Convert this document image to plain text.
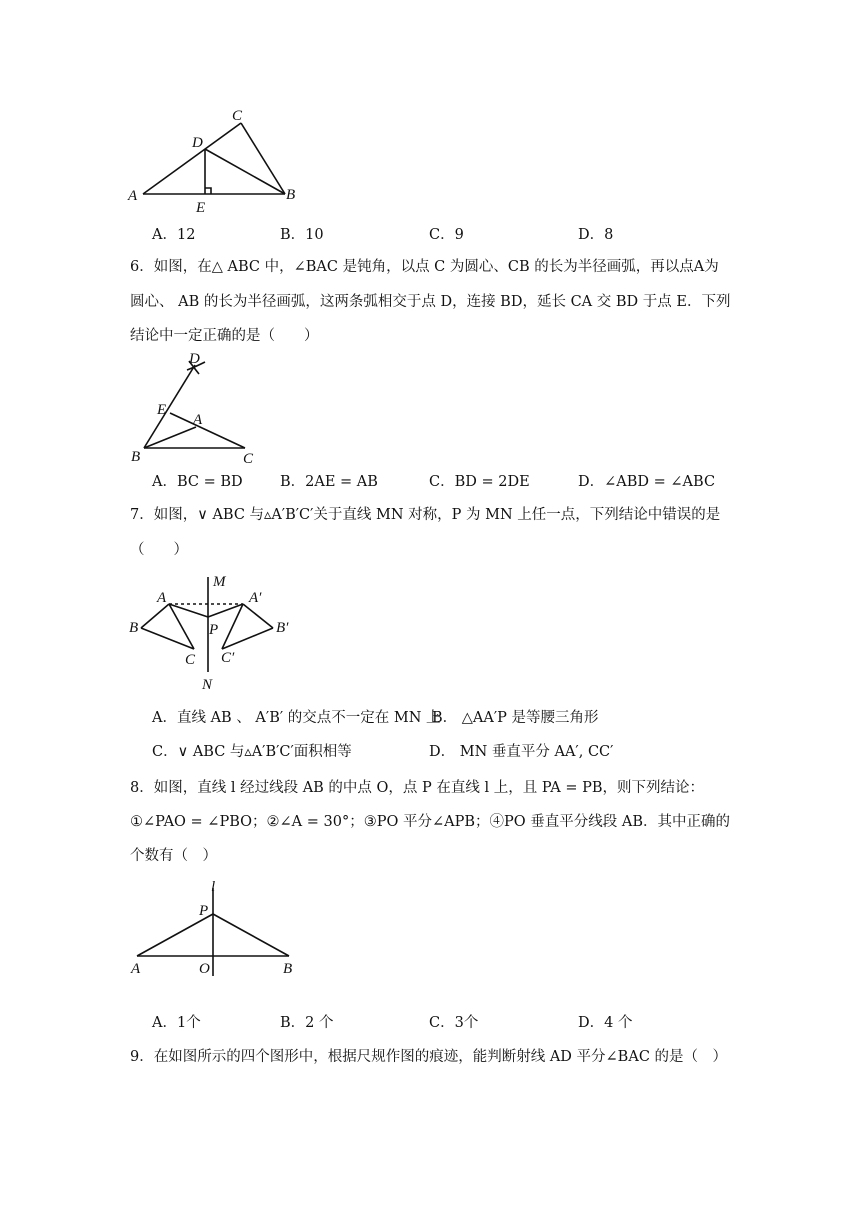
A	B
C
D
E
A．12	B．10	C．9	D．8
6．如图，在△ ABC 中，∠BAC 是钝角，以点 C 为圆心、CB 的长为半径画弧，再以点A为
圆心、 AB 的长为半径画弧，这两条弧相交于点 D，连接 BD，延长 CA 交 BD 于点 E．下列
结论中一定正确的是（　　）
D
E
A
B	C
A．BC = BD	B．2AE = AB	C．BD = 2DE	D．∠ABD = ∠ABC
7．如图，∨ ABC 与▵A′B′C′关于直线 MN 对称，P 为 MN 上任一点，下列结论中错误的是
（　　）
M
N
A	A′
B	B′
C C′
P
A．直线 AB 、 A′B′ 的交点不一定在 MN 上
B． △AA′P 是等腰三角形
C．∨ ABC 与▵A′B′C′面积相等	D． MN 垂直平分 AA′, CC′
8．如图，直线 l 经过线段 AB 的中点 O，点 P 在直线 l 上，且 PA = PB，则下列结论：
①∠PAO = ∠PBO；②∠A = 30°；③PO 平分∠APB；④PO 垂直平分线段 AB．其中正确的
个数有（　）
l
P
A	O	B
A．1个	B．2 个	C．3个	D．4 个
9．在如图所示的四个图形中，根据尺规作图的痕迹，能判断射线 AD 平分∠BAC 的是（　）
